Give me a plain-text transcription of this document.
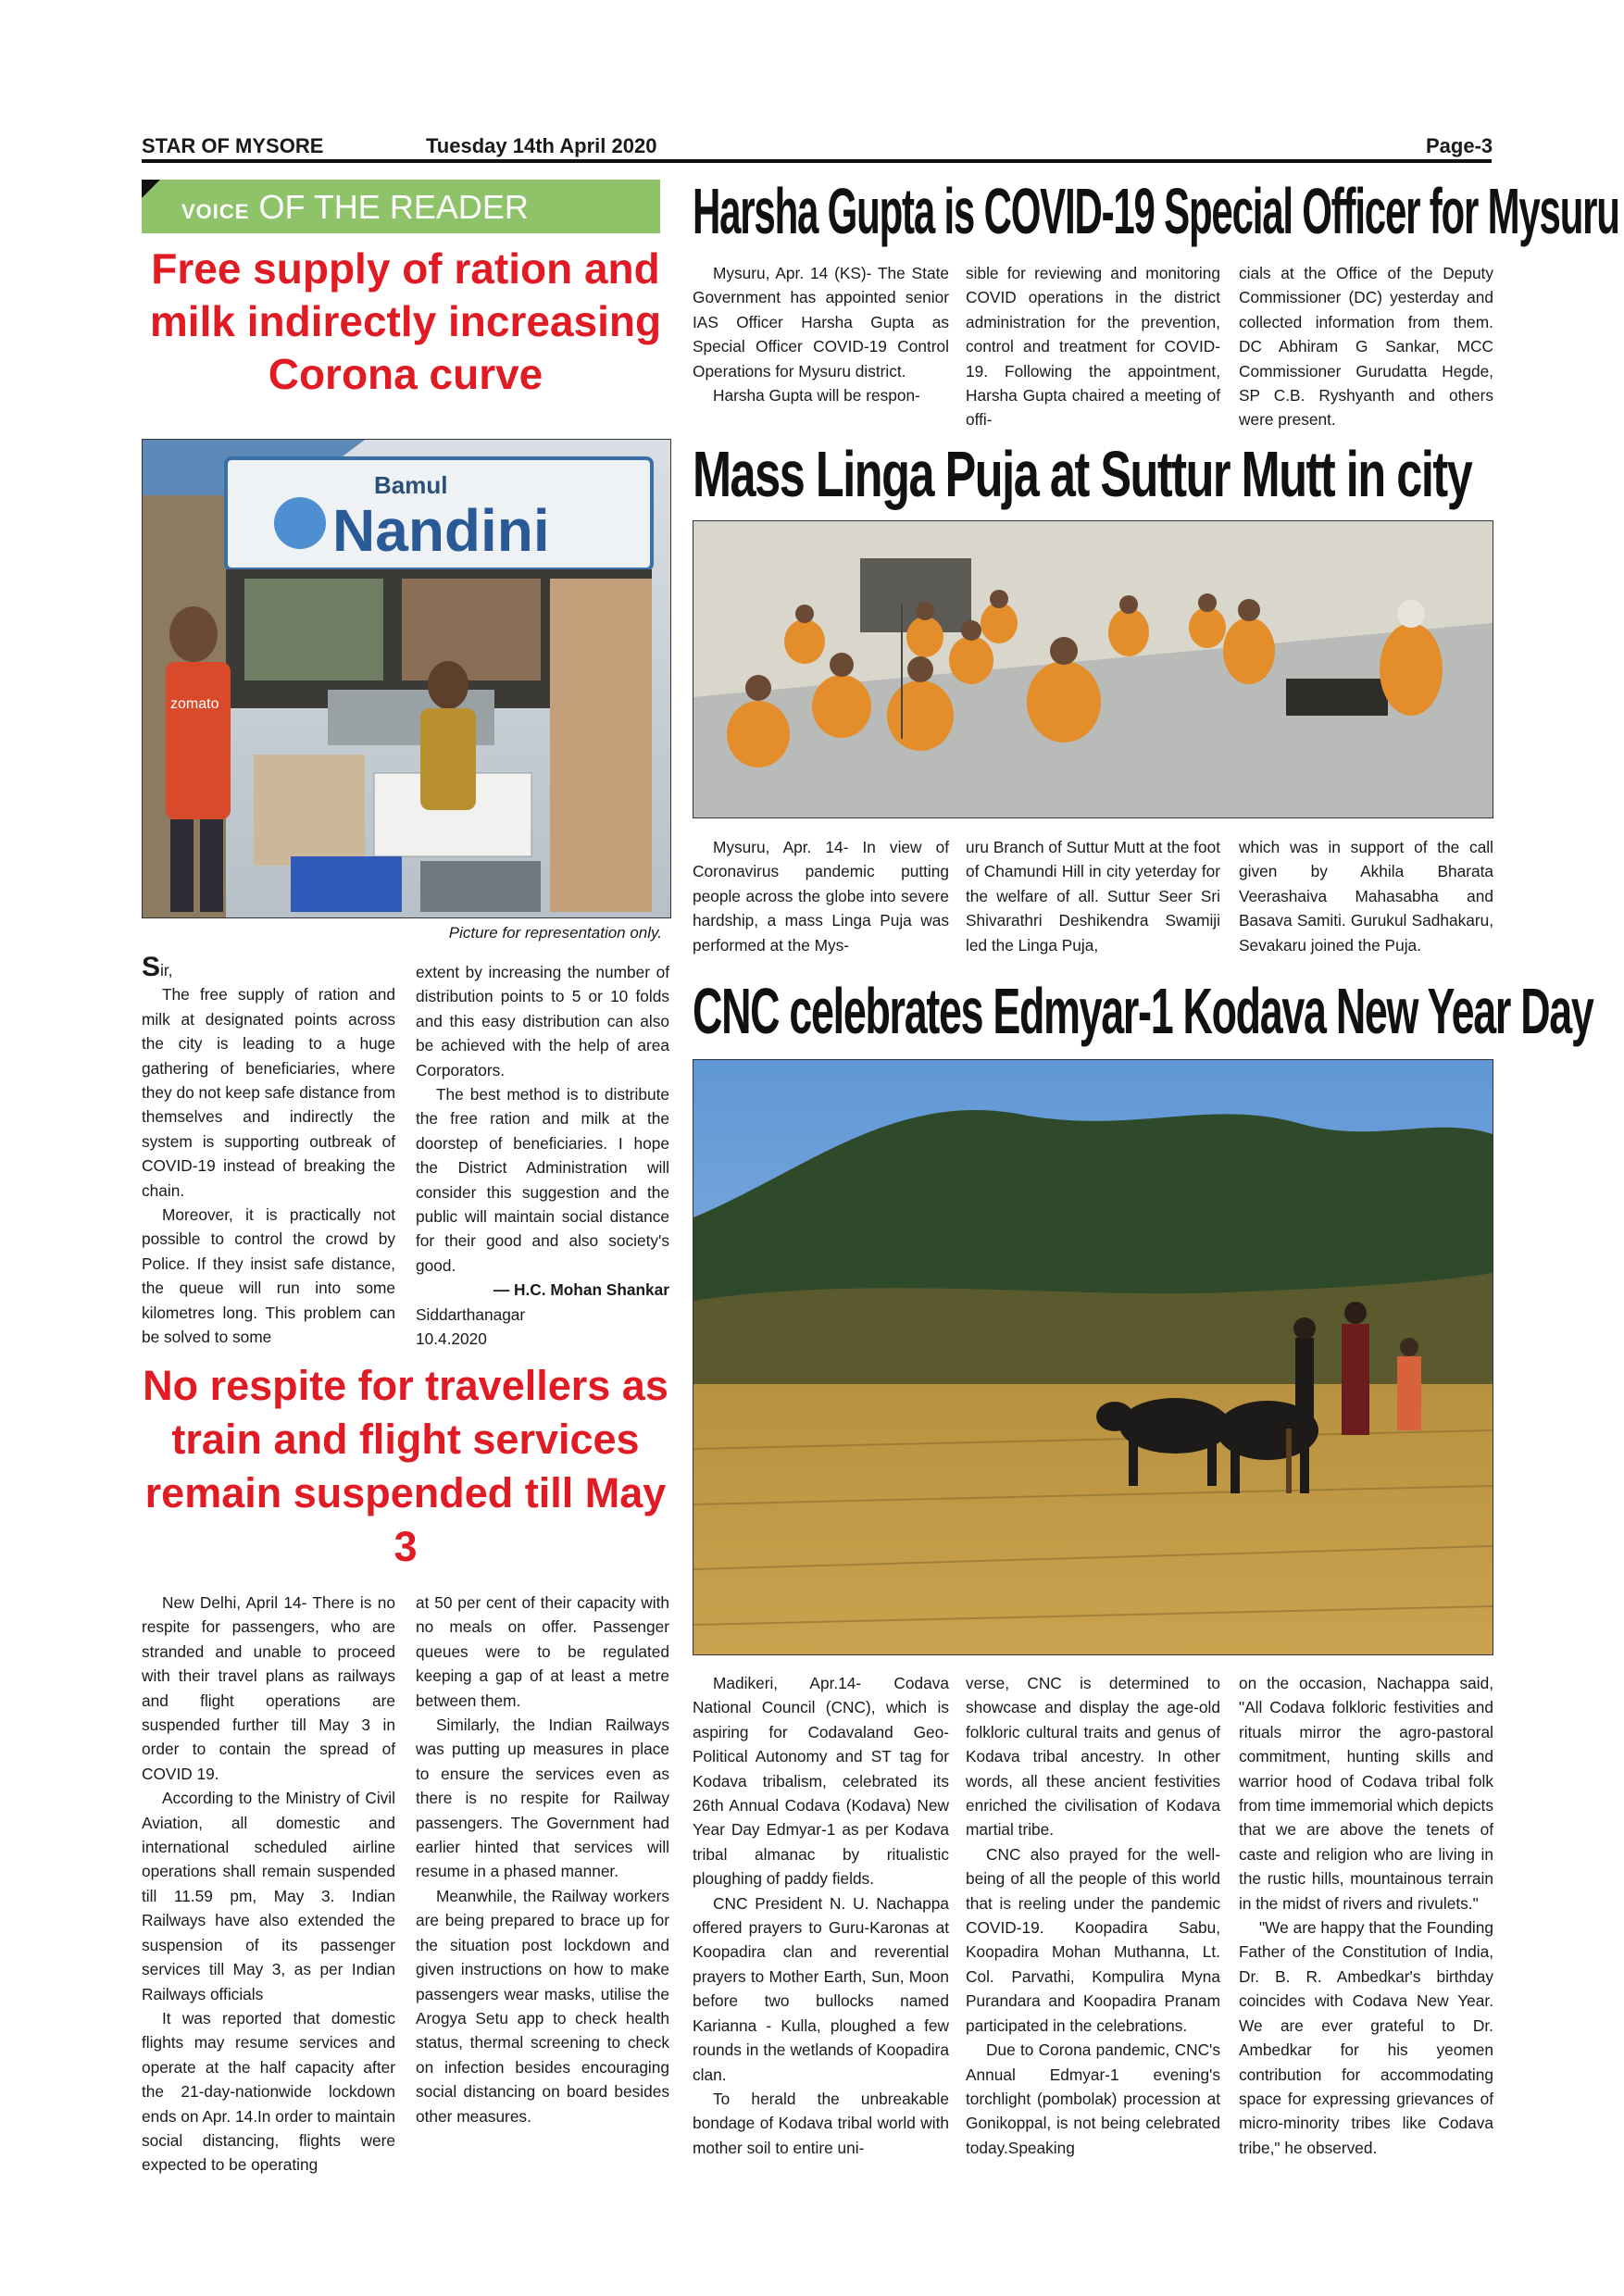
STAR OF MYSORE	Tuesday 14th April 2020	Page-3
VOICE OF THE READER
Free supply of ration and milk indirectly increasing Corona curve
Bamul
Nandini
zomato
Picture for representation only.

Sir,

The free supply of ration and milk at designated points across the city is leading to a huge gathering of beneficiaries, where they do not keep safe distance from themselves and indirectly the system is supporting outbreak of COVID-19 instead of breaking the chain.

Moreover, it is practically not possible to control the crowd by Police. If they insist safe distance, the queue will run into some kilometres long. This problem can be solved to some

extent by increasing the number of distribution points to 5 or 10 folds and this easy distribution can also be achieved with the help of area Corporators.

The best method is to distribute the free ration and milk at the doorstep of beneficiaries. I hope the District Administration will consider this suggestion and the public will maintain social distance for their good and also society's good.

— H.C. Mohan Shankar

Siddarthanagar

10.4.2020

No respite for travellers as train and flight services remain suspended till May 3

New Delhi, April 14- There is no respite for passengers, who are stranded and unable to proceed with their travel plans as railways and flight operations are suspended further till May 3 in order to contain the spread of COVID 19.

According to the Ministry of Civil Aviation, all domestic and international scheduled airline operations shall remain suspended till 11.59 pm, May 3. Indian Railways have also extended the suspension of its passenger services till May 3, as per Indian Railways officials

It was reported that domestic flights may resume services and operate at the half capacity after the 21-day-nationwide lockdown ends on Apr. 14.In order to maintain social distancing, flights were expected to be operating

at 50 per cent of their capacity with no meals on offer. Passenger queues were to be regulated keeping a gap of at least a metre between them.

Similarly, the Indian Railways was putting up measures in place to ensure the services even as there is no respite for Railway passengers. The Government had earlier hinted that services will resume in a phased manner.

Meanwhile, the Railway workers are being prepared to brace up for the situation post lockdown and given instructions on how to make passengers wear masks, utilise the Arogya Setu app to check health status, thermal screening to check on infection besides encouraging social distancing on board besides other measures.

Harsha Gupta is COVID-19 Special Officer for Mysuru

Mysuru, Apr. 14 (KS)- The State Government has appointed senior IAS Officer Harsha Gupta as Special Officer COVID-19 Control Operations for Mysuru district.

Harsha Gupta will be respon-

sible for reviewing and monitoring COVID operations in the district administration for the prevention, control and treatment for COVID-19. Following the appointment, Harsha Gupta chaired a meeting of offi-

cials at the Office of the Deputy Commissioner (DC) yesterday and collected information from them. DC Abhiram G Sankar, MCC Commissioner Gurudatta Hegde, SP C.B. Ryshyanth and others were present.

Mass Linga Puja at Suttur Mutt in city

Mysuru, Apr. 14- In view of Coronavirus pandemic putting people across the globe into severe hardship, a mass Linga Puja was performed at the Mys-

uru Branch of Suttur Mutt at the foot of Chamundi Hill in city yeterday for the welfare of all. Suttur Seer Sri Shivarathri Deshikendra Swamiji led the Linga Puja,

which was in support of the call given by Akhila Bharata Veerashaiva Mahasabha and Basava Samiti. Gurukul Sadhakaru, Sevakaru joined the Puja.

CNC celebrates Edmyar-1 Kodava New Year Day

Madikeri, Apr.14- Codava National Council (CNC), which is aspiring for Codavaland Geo-Political Autonomy and ST tag for Kodava tribalism, celebrated its 26th Annual Codava (Kodava) New Year Day Edmyar-1 as per Kodava tribal almanac by ritualistic ploughing of paddy fields.

CNC President N. U. Nachappa offered prayers to Guru-Karonas at Koopadira clan and reverential prayers to Mother Earth, Sun, Moon before two bullocks named Karianna - Kulla, ploughed a few rounds in the wetlands of Koopadira clan.

To herald the unbreakable bondage of Kodava tribal world with mother soil to entire uni-

verse, CNC is determined to showcase and display the age-old folkloric cultural traits and genus of Kodava tribal ancestry. In other words, all these ancient festivities enriched the civilisation of Kodava martial tribe.

CNC also prayed for the well-being of all the people of this world that is reeling under the pandemic COVID-19. Koopadira Sabu, Koopadira Mohan Muthanna, Lt. Col. Parvathi, Kompulira Myna Purandara and Koopadira Pranam participated in the celebrations.

Due to Corona pandemic, CNC's Annual Edmyar-1 evening's torchlight (pombolak) procession at Gonikoppal, is not being celebrated today.Speaking

on the occasion, Nachappa said, "All Codava folkloric festivities and rituals mirror the agro-pastoral commitment, hunting skills and warrior hood of Codava tribal folk from time immemorial which depicts that we are above the tenets of caste and religion who are living in the rustic hills, mountainous terrain in the midst of rivers and rivulets."

"We are happy that the Founding Father of the Constitution of India, Dr. B. R. Ambedkar's birthday coincides with Codava New Year. We are ever grateful to Dr. Ambedkar for his yeomen contribution for accommodating space for expressing grievances of micro-minority tribes like Codava tribe," he observed.
